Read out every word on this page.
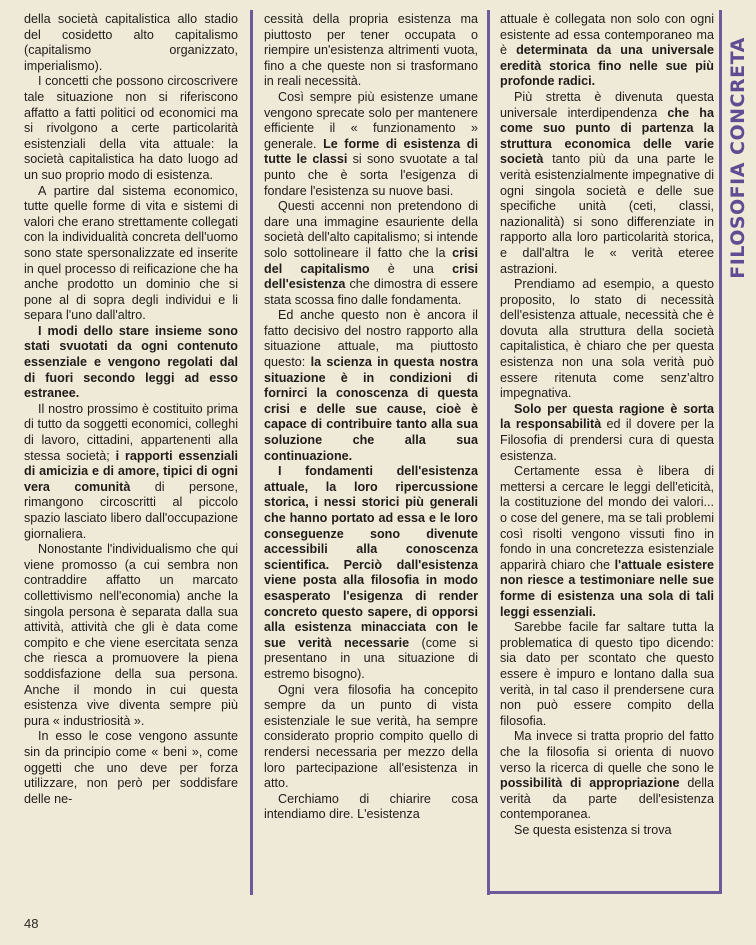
della società capitalistica allo stadio del cosidetto alto capitalismo (capitalismo organizzato, imperialismo).

I concetti che possono circoscrivere tale situazione non si riferiscono affatto a fatti politici od economici ma si rivolgono a certe particolarità esistenziali della vita attuale: la società capitalistica ha dato luogo ad un suo proprio modo di esistenza.

A partire dal sistema economico, tutte quelle forme di vita e sistemi di valori che erano strettamente collegati con la individualità concreta dell'uomo sono state spersonalizzate ed inserite in quel processo di reificazione che ha anche prodotto un dominio che si pone al di sopra degli individui e li separa l'uno dall'altro.

I modi dello stare insieme sono stati svuotati da ogni contenuto essenziale e vengono regolati dal di fuori secondo leggi ad esso estranee.

Il nostro prossimo è costituito prima di tutto da soggetti economici, colleghi di lavoro, cittadini, appartenenti alla stessa società; i rapporti essenziali di amicizia e di amore, tipici di ogni vera comunità di persone, rimangono circoscritti al piccolo spazio lasciato libero dall'occupazione giornaliera.

Nonostante l'individualismo che qui viene promosso (a cui sembra non contraddire affatto un marcato collettivismo nell'economia) anche la singola persona è separata dalla sua attività, attività che gli è data come compito e che viene esercitata senza che riesca a promuovere la piena soddisfazione della sua persona. Anche il mondo in cui questa esistenza vive diventa sempre più pura « industriosità ».

In esso le cose vengono assunte sin da principio come « beni », come oggetti che uno deve per forza utilizzare, non però per soddisfare delle ne-

cessità della propria esistenza ma piuttosto per tener occupata o riempire un'esistenza altrimenti vuota, fino a che queste non si trasformano in reali necessità.

Così sempre più esistenze umane vengono sprecate solo per mantenere efficiente il « funzionamento » generale. Le forme di esistenza di tutte le classi si sono svuotate a tal punto che è sorta l'esigenza di fondare l'esistenza su nuove basi.

Questi accenni non pretendono di dare una immagine esauriente della società dell'alto capitalismo; si intende solo sottolineare il fatto che la crisi del capitalismo è una crisi dell'esistenza che dimostra di essere stata scossa fino dalle fondamenta.

Ed anche questo non è ancora il fatto decisivo del nostro rapporto alla situazione attuale, ma piuttosto questo: la scienza in questa nostra situazione è in condizioni di fornirci la conoscenza di questa crisi e delle sue cause, cioè è capace di contribuire tanto alla sua soluzione che alla sua continuazione.

I fondamenti dell'esistenza attuale, la loro ripercussione storica, i nessi storici più generali che hanno portato ad essa e le loro conseguenze sono divenute accessibili alla conoscenza scientifica. Perciò dall'esistenza viene posta alla filosofia in modo esasperato l'esigenza di render concreto questo sapere, di opporsi alla esistenza minacciata con le sue verità necessarie (come si presentano in una situazione di estremo bisogno).

Ogni vera filosofia ha concepito sempre da un punto di vista esistenziale le sue verità, ha sempre considerato proprio compito quello di rendersi necessaria per mezzo della loro partecipazione all'esistenza in atto.

Cerchiamo di chiarire cosa intendiamo dire. L'esistenza

attuale è collegata non solo con ogni esistente ad essa contemporaneo ma è determinata da una universale eredità storica fino nelle sue più profonde radici.

Più stretta è divenuta questa universale interdipendenza che ha come suo punto di partenza la struttura economica delle varie società tanto più da una parte le verità esistenzialmente impegnative di ogni singola società e delle sue specifiche unità (ceti, classi, nazionalità) si sono differenziate in rapporto alla loro particolarità storica, e dall'altra le « verità eteree astrazioni.

Prendiamo ad esempio, a questo proposito, lo stato di necessità dell'esistenza attuale, necessità che è dovuta alla struttura della società capitalistica, è chiaro che per questa esistenza non una sola verità può essere ritenuta come senz'altro impegnativa.

Solo per questa ragione è sorta la responsabilità ed il dovere per la Filosofia di prendersi cura di questa esistenza.

Certamente essa è libera di mettersi a cercare le leggi dell'eticità, la costituzione del mondo dei valori... o cose del genere, ma se tali problemi così risolti vengono vissuti fino in fondo in una concretezza esistenziale apparirà chiaro che l'attuale esistere non riesce a testimoniare nelle sue forme di esistenza una sola di tali leggi essenziali.

Sarebbe facile far saltare tutta la problematica di questo tipo dicendo: sia dato per scontato che questo essere è impuro e lontano dalla sua verità, in tal caso il prendersene cura non può essere compito della filosofia.

Ma invece si tratta proprio del fatto che la filosofia si orienta di nuovo verso la ricerca di quelle che sono le possibilità di appropriazione della verità da parte dell'esistenza contemporanea.

Se questa esistenza si trova

FILOSOFIA CONCRETA
48
